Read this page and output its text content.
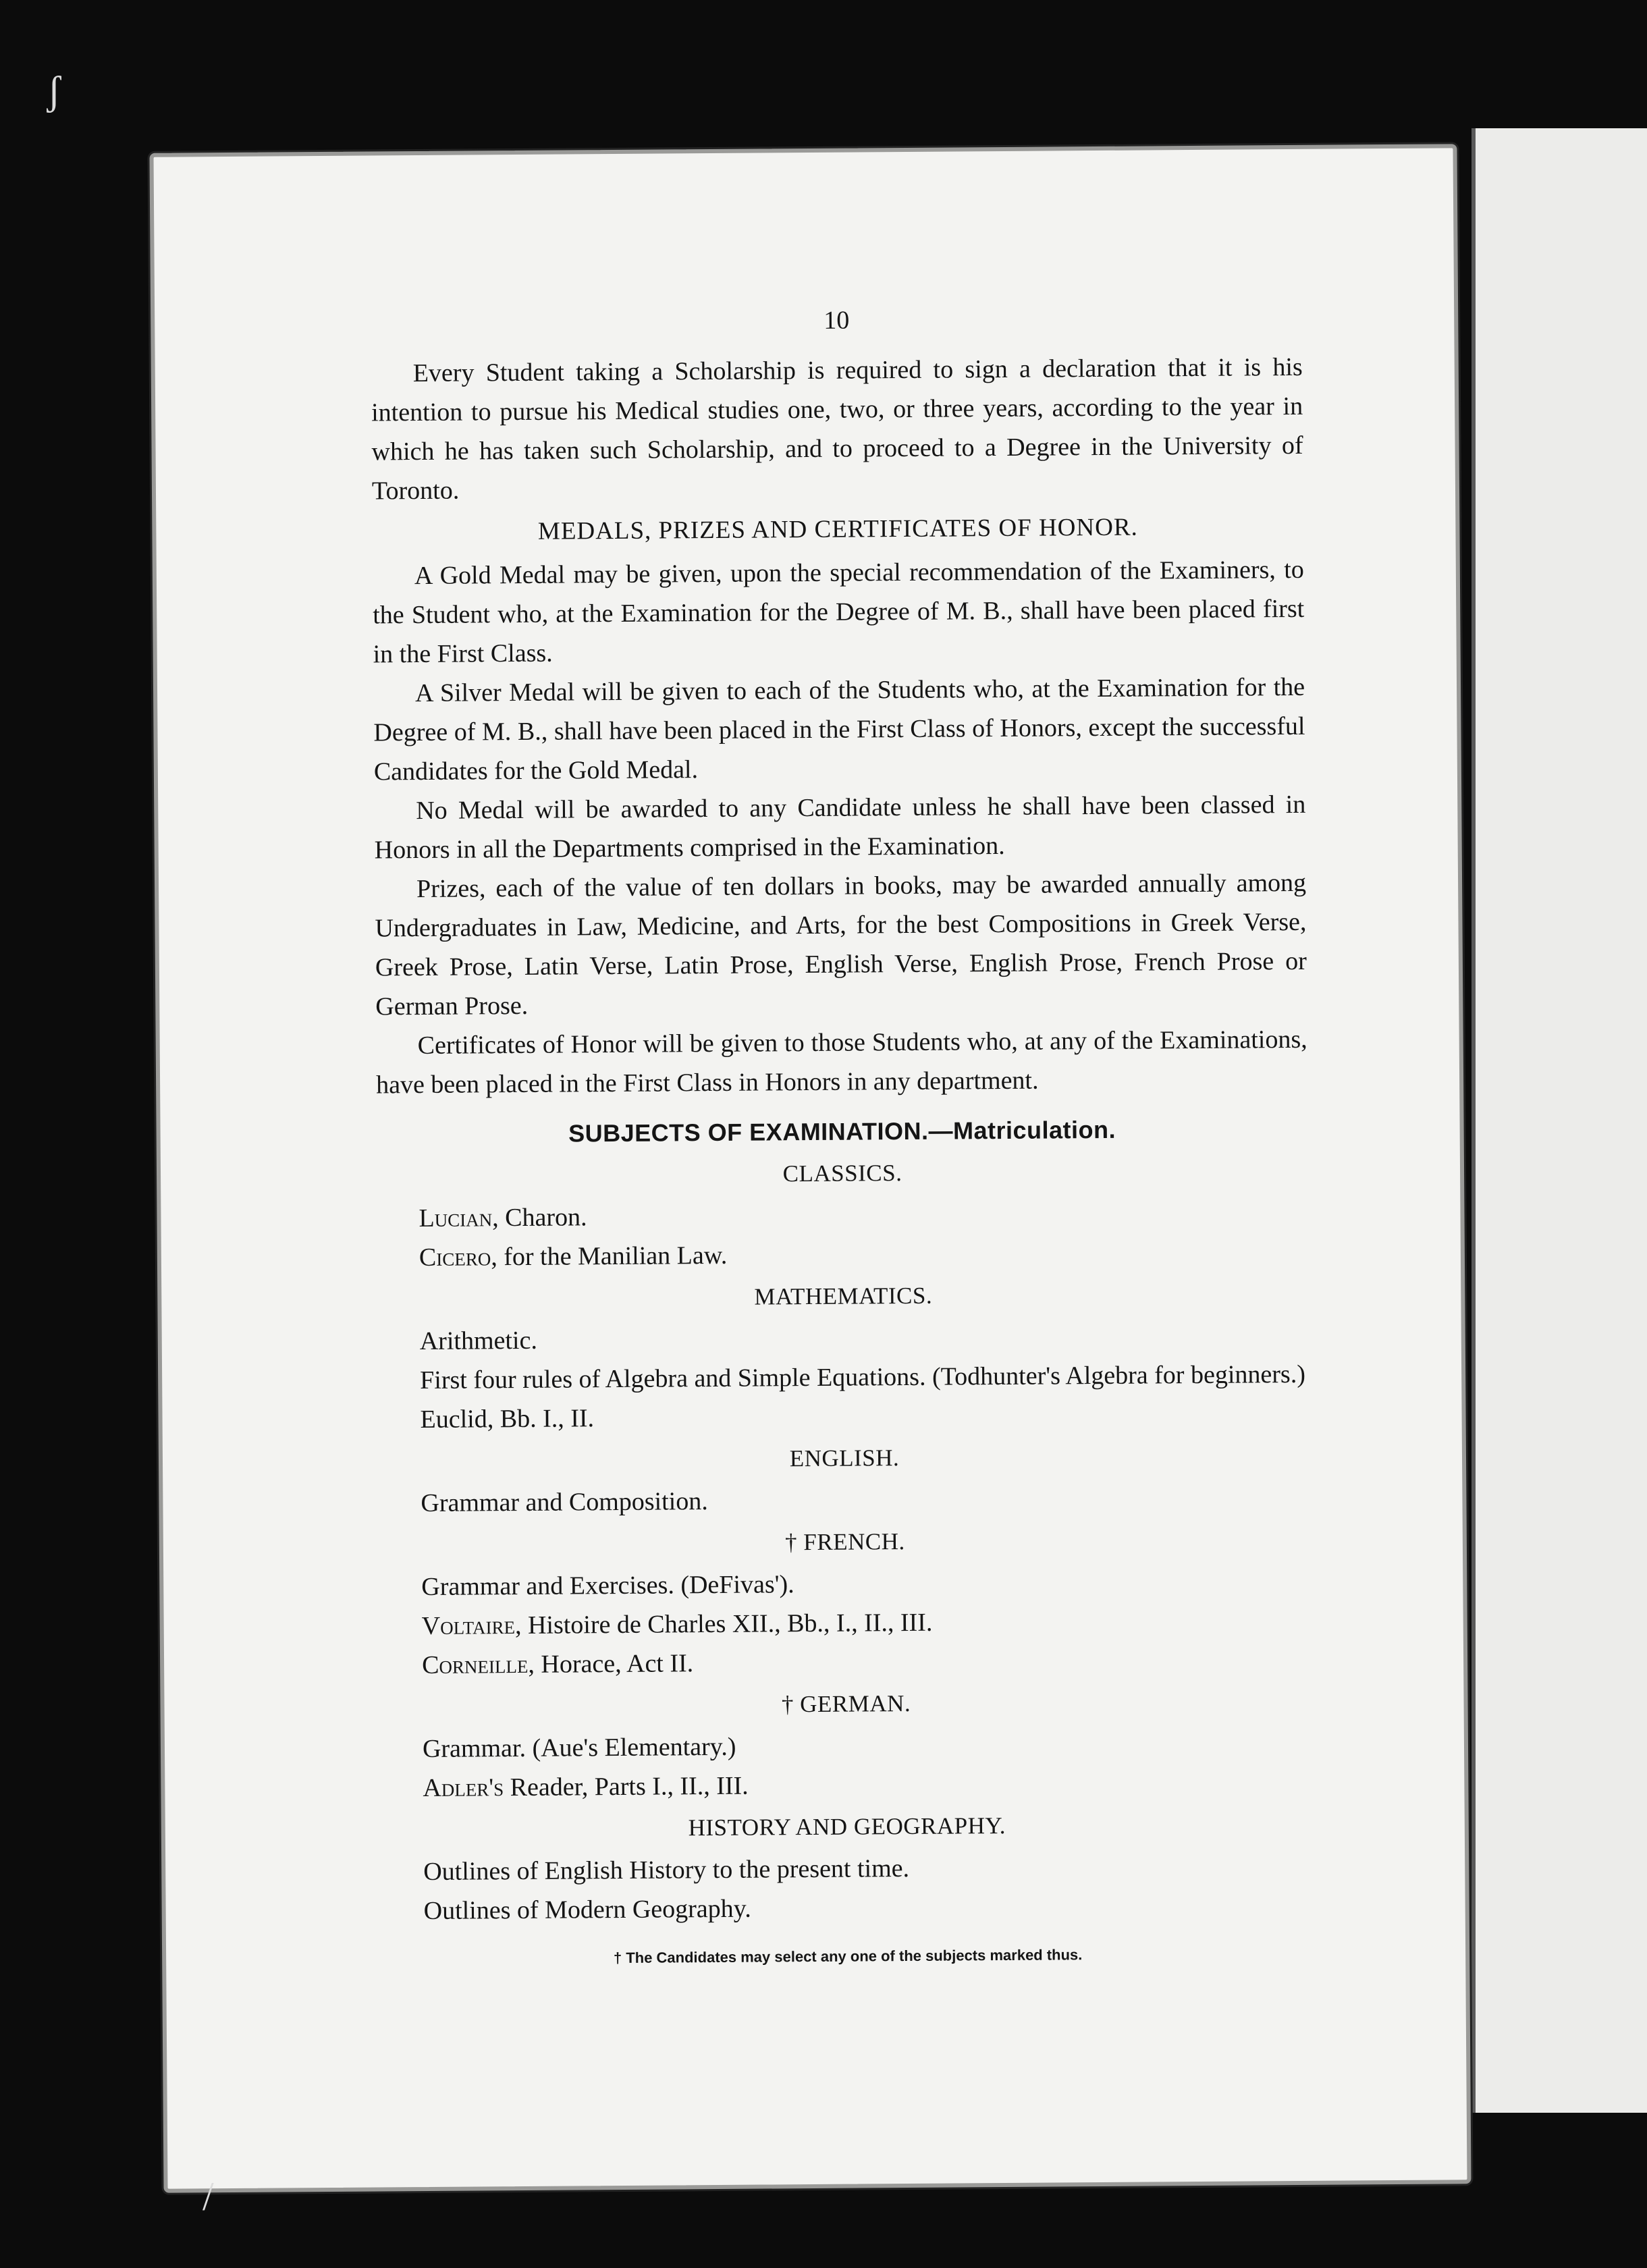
10

Every Student taking a Scholarship is required to sign a declaration that it is his intention to pursue his Medical studies one, two, or three years, according to the year in which he has taken such Scholarship, and to proceed to a Degree in the University of Toronto.

MEDALS, PRIZES AND CERTIFICATES OF HONOR.

A Gold Medal may be given, upon the special recommendation of the Examiners, to the Student who, at the Examination for the Degree of M. B., shall have been placed first in the First Class.

A Silver Medal will be given to each of the Students who, at the Examination for the Degree of M. B., shall have been placed in the First Class of Honors, except the successful Candidates for the Gold Medal.

No Medal will be awarded to any Candidate unless he shall have been classed in Honors in all the Departments comprised in the Examination.

Prizes, each of the value of ten dollars in books, may be awarded annually among Undergraduates in Law, Medicine, and Arts, for the best Compositions in Greek Verse, Greek Prose, Latin Verse, Latin Prose, English Verse, English Prose, French Prose or German Prose.

Certificates of Honor will be given to those Students who, at any of the Examinations, have been placed in the First Class in Honors in any department.

SUBJECTS OF EXAMINATION.—Matriculation.
CLASSICS.
Lucian, Charon.
Cicero, for the Manilian Law.
MATHEMATICS.
Arithmetic.

First four rules of Algebra and Simple Equations. (Todhunter's Algebra for beginners.)

Euclid, Bb. I., II.
ENGLISH.
Grammar and Composition.
† FRENCH.
Grammar and Exercises. (DeFivas').
Voltaire, Histoire de Charles XII., Bb., I., II., III.
Corneille, Horace, Act II.
† GERMAN.
Grammar. (Aue's Elementary.)
Adler's Reader, Parts I., II., III.
HISTORY AND GEOGRAPHY.
Outlines of English History to the present time.
Outlines of Modern Geography.
† The Candidates may select any one of the subjects marked thus.
ʃ
/
